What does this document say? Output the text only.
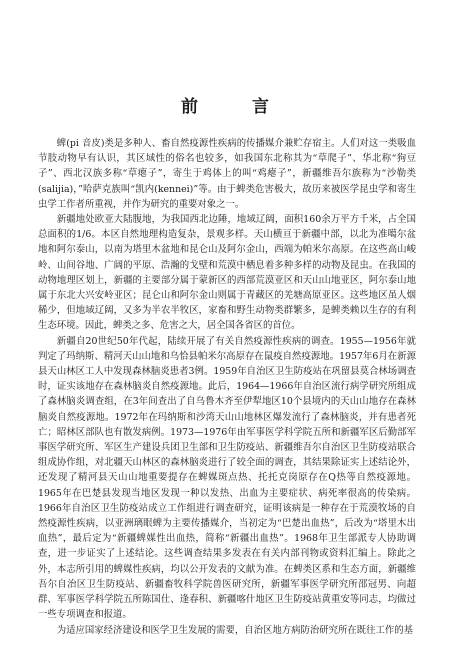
前 言

蜱(pi 音皮)类是多种人、畜自然疫源性疾病的传播媒介兼贮存宿主。人们对这一类吸血节肢动物早有认识，其区域性的俗名也较多，如我国东北称其为“草爬子”、华北称“狗豆子”、西北汉族多称“草瘪子”，寄生于鸡体上的叫“鸡瘪子”，新疆维吾尔族称为“沙勒类(salijia)，”哈萨克族叫“凯内(kennei)”等。由于蜱类危害极大，故历来被医学昆虫学和寄生虫学工作者所重视，并作为研究的重要对象之一。

新疆地处欧亚大陆腹地，为我国西北边陲，地域辽阔，面积160余万平方千米，占全国总面积的1/6。本区自然地理构造复杂，景观多样。天山横亘于新疆中部，以北为准噶尔盆地和阿尔泰山，以南为塔里木盆地和昆仑山及阿尔金山，西端为帕米尔高原。在这些高山峻岭、山间谷地、广阔的平原、浩瀚的戈壁和荒漠中栖息着多种多样的动物及昆虫。在我国的动物地理区划上，新疆的主要部分属于蒙新区的西部荒漠亚区和天山山地亚区，阿尔泰山地属于东北大兴安岭亚区；昆仑山和阿尔金山则属于青藏区的羌塘高原亚区。这些地区虽人烟稀少，但地域辽阔，又多为半农半牧区，家畜和野生动物类群繁多，是蜱类赖以生存的有利生态环境。因此，蜱类之多、危害之大，居全国各省区的首位。

新疆自20世纪50年代起，陆续开展了有关自然疫源性疾病的调查。1955—1956年就判定了玛纳斯、精河天山山地和乌恰县帕米尔高原存在鼠疫自然疫源地。1957年6月在新源县天山林区工人中发现森林脑炎患者3例。1959年自治区卫生防疫站在巩留县莫合林场调查时，证实该地存在森林脑炎自然疫源地。此后，1964—1966年自治区流行病学研究所组成了森林脑炎调查组，在3年间查出了自乌鲁木齐至伊犁地区10个县境内的天山山地存在森林脑炎自然疫源地。1972年在玛纳斯和沙湾天山山地林区爆发流行了森林脑炎，并有患者死亡；昭林区部队也有散发病例。1973—1976年由军事医学科学院五所和新疆军区后勤部军事医学研究所、军区生产建设兵团卫生部和卫生防疫站、新疆维吾尔自治区卫生防疫站联合组成协作组，对北疆天山林区的森林脑炎进行了较全面的调查，其结果除证实上述结论外，还发现了精河县天山山地重要提存在蜱媒斑点热、托托克岗原存在Q热等自然疫源地。1965年在巴楚县发现当地区发现一种以发热、出血为主要症状、病死率很高的传染病。1966年自治区卫生防疫站成立工作组进行调查研究，证明该病是一种存在于荒漠牧场的自然疫源性疾病，以亚洲璃眼蜱为主要传播媒介，当初定为“巴楚出血热”，后改为“塔里木出血热”，最后定为“新疆蜱媒性出血热，简称“新疆出血热”。1968年卫生部派专人协助调查，进一步证实了上述结论。这些调查结果多发表在有关内部刊物或资料汇编上。除此之外，本志所引用的蜱媒性疾病，均以公开发表的文献为准。在蜱类区系和生态方面，新疆维吾尔自治区卫生防疫站、新疆畜牧科学院兽医研究所，新疆军事医学研究所邵冠男、向超群、军事医学科学院五所陈国仕、逢春积、新疆喀什地区卫生防疫站黄重安等同志，均做过一些专项调查和报道。

为适应国家经济建设和医学卫生发展的需要，自治区地方病防治研究所在既往工作的基
